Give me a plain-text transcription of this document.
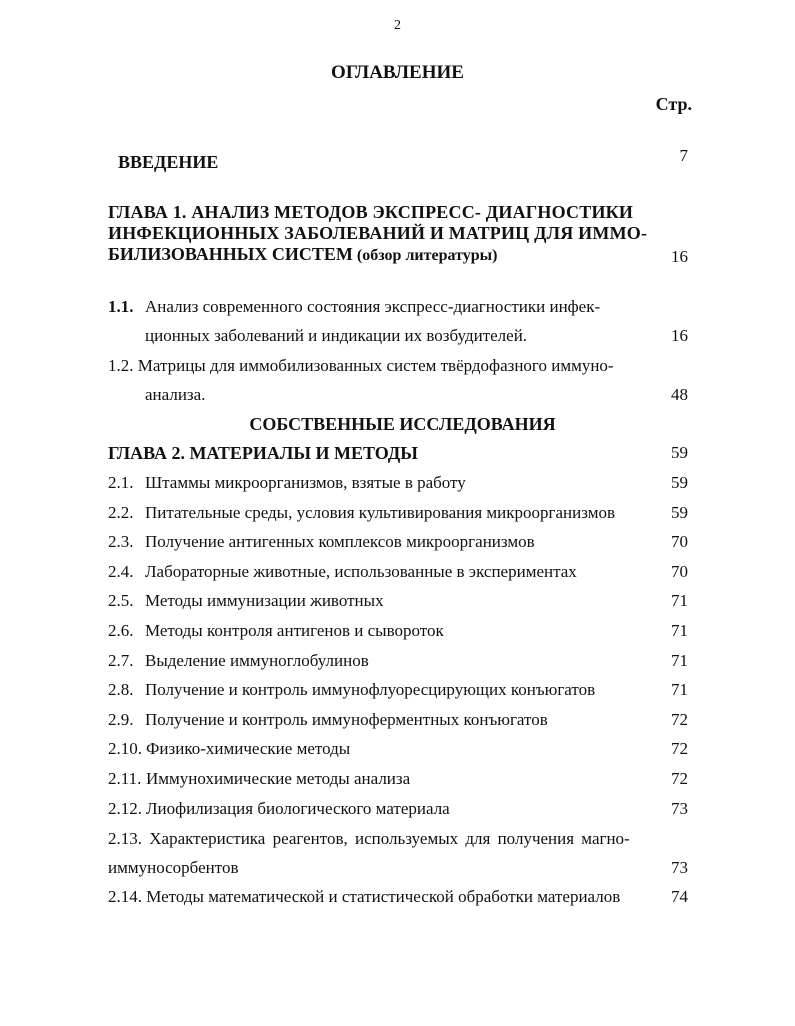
2
ОГЛАВЛЕНИЕ
Стр.
ВВЕДЕНИЕ	7
ГЛАВА 1. АНАЛИЗ МЕТОДОВ ЭКСПРЕСС- ДИАГНОСТИКИ
ИНФЕКЦИОННЫХ ЗАБОЛЕВАНИЙ И МАТРИЦ ДЛЯ ИММО-
БИЛИЗОВАННЫХ СИСТЕМ (обзор литературы)	16
1.1. Анализ современного состояния экспресс-диагностики инфек-
ционных заболеваний и индикации их возбудителей.	16
1.2. Матрицы для иммобилизованных систем твёрдофазного иммуно-
анализа.	48
СОБСТВЕННЫЕ ИССЛЕДОВАНИЯ
ГЛАВА 2. МАТЕРИАЛЫ И МЕТОДЫ	59
2.1. Штаммы микроорганизмов, взятые в работу	59
2.2. Питательные среды, условия культивирования микроорганизмов	59
2.3. Получение антигенных комплексов микроорганизмов	70
2.4. Лабораторные животные, использованные в экспериментах	70
2.5. Методы иммунизации животных	71
2.6. Методы контроля антигенов и сывороток	71
2.7. Выделение иммуноглобулинов	71
2.8. Получение и контроль иммунофлуоресцирующих конъюгатов	71
2.9. Получение и контроль иммуноферментных конъюгатов	72
2.10. Физико-химические методы	72
2.11. Иммунохимические методы анализа	72
2.12. Лиофилизация биологического материала	73
2.13. Характеристика реагентов, используемых для получения магно-
иммуносорбентов	73
2.14. Методы математической и статистической обработки материалов	74
